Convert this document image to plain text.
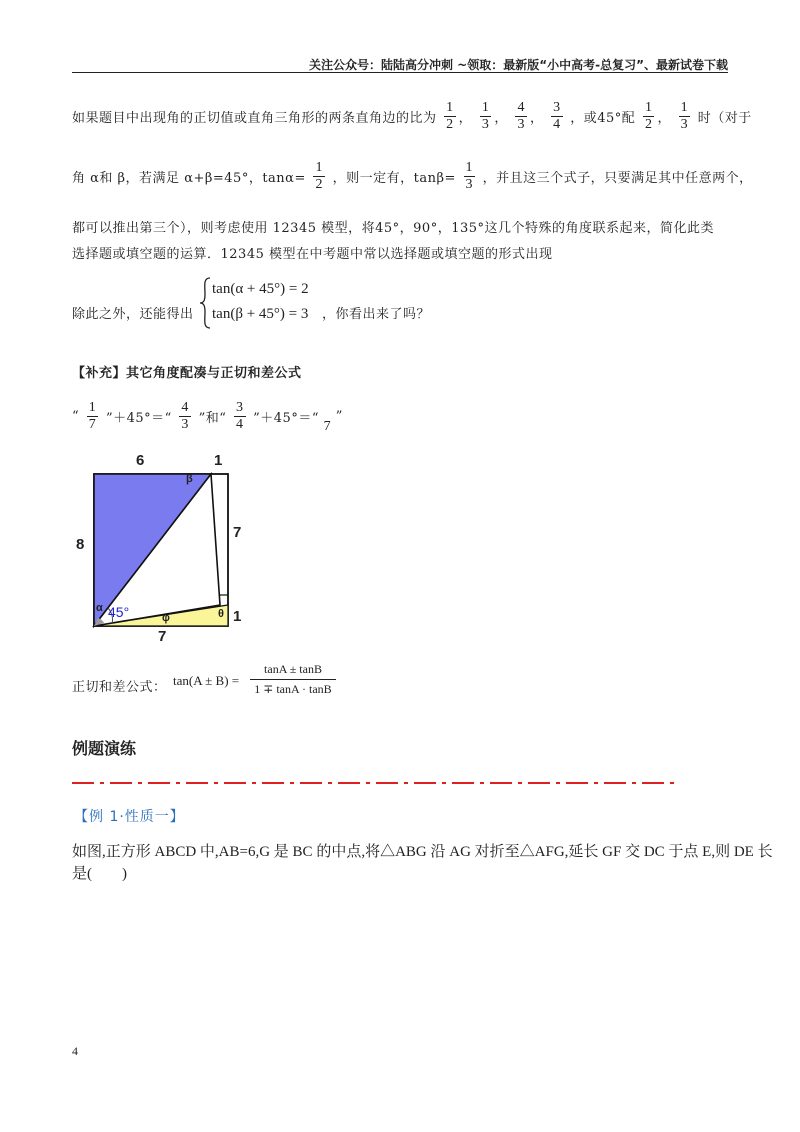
关注公众号：陆陆高分冲刺 ~领取：最新版“小中高考-总复习”、最新试卷下载
如果题目中出现角的正切值或直角三角形的两条直角边的比为 $\frac{1}{2}$ ， $\frac{1}{3}$ ， $\frac{4}{3}$ ， $\frac{3}{4}$ ，或45°配 $\frac{1}{2}$ ， $\frac{1}{3}$ 时（对于
角 α和 β，若满足 α+β=45°，$\tan\alpha= \frac{1}{2}$ ，则一定有，$\tan\beta= \frac{1}{3}$ ，并且这三个式子，只要满足其中任意两个，
都可以推出第三个），则考虑使用 12345 模型，将45°，90°，135°这几个特殊的角度联系起来，简化此类
选择题或填空题的运算．12345 模型在中考题中常以选择题或填空题的形式出现
除此之外，还能得出
tan(α + 45°) = 2
tan(β + 45°) = 3 ，你看出来了吗？
【补充】其它角度配凑与正切和差公式
“ $\frac{1}{7}$ ”＋45°＝“ $\frac{4}{3}$ ”和“ $\frac{3}{4}$ ”＋45°＝“ 7 ”
6	1
8
7
7
1
β
α 45°	φ	θ
正切和差公式： $\tan(A \pm B) = \frac{\tan A \pm \tan B}{1 \mp \tan A \cdot \tan B}$
例题演练
【例 1·性质一】
如图,正方形 ABCD 中,AB=6,G 是 BC 的中点,将△ABG 沿 AG 对折至△AFG,延长 GF 交 DC 于点 E,则 DE 长
是(　　)
4
